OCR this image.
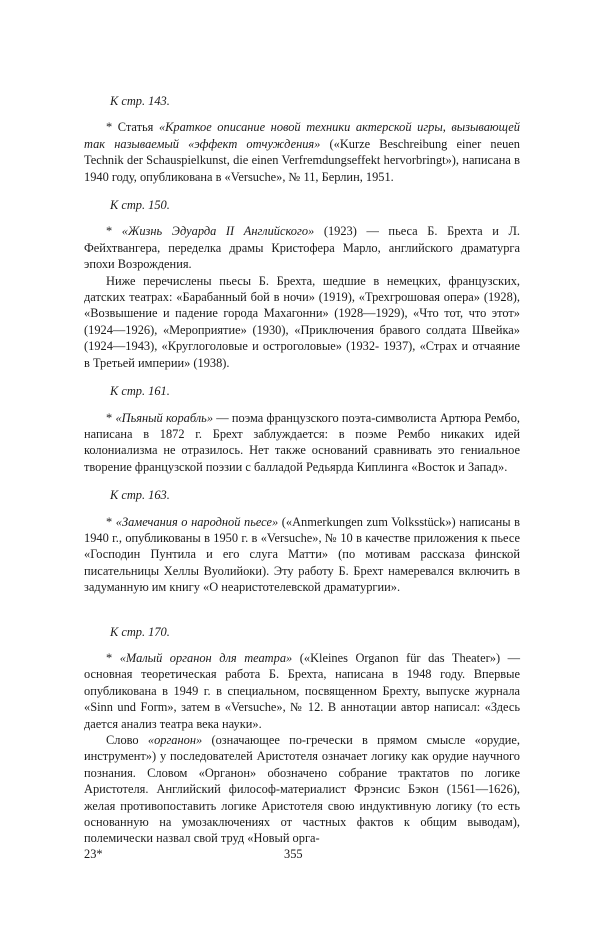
К стр. 143.

* Статья «Краткое описание новой техники актерской игры, вызывающей так называемый «эффект отчуждения» («Kurze Beschreibung einer neuen Technik der Schauspielkunst, die einen Verfremdungseffekt hervorbringt»), написана в 1940 году, опубликована в «Versuche», № 11, Берлин, 1951.

К стр. 150.

* «Жизнь Эдуарда II Английского» (1923) — пьеса Б. Брехта и Л. Фейхтвангера, переделка драмы Кристофера Марло, английского драматурга эпохи Возрождения.

Ниже перечислены пьесы Б. Брехта, шедшие в немецких, французских, датских театрах: «Барабанный бой в ночи» (1919), «Трехгрошовая опера» (1928), «Возвышение и падение города Махагонни» (1928—1929), «Что тот, что этот» (1924—1926), «Мероприятие» (1930), «Приключения бравого солдата Швейка» (1924—1943), «Круглоголовые и остроголовые» (1932- 1937), «Страх и отчаяние в Третьей империи» (1938).

К стр. 161.

* «Пьяный корабль» — поэма французского поэта-символиста Артюра Рембо, написана в 1872 г. Брехт заблуждается: в поэме Рембо никаких идей колониализма не отразилось. Нет также оснований сравнивать это гениальное творение французской поэзии с балладой Редьярда Киплинга «Восток и Запад».

К стр. 163.

* «Замечания о народной пьесе» («Anmerkungen zum Volksstück») написаны в 1940 г., опубликованы в 1950 г. в «Versuche», № 10 в качестве приложения к пьесе «Господин Пунтила и его слуга Матти» (по мотивам рассказа финской писательницы Хеллы Вуолийоки). Эту работу Б. Брехт намеревался включить в задуманную им книгу «О неаристотелевской драматургии».

К стр. 170.

* «Малый органон для театра» («Kleines Organon für das Theater») — основная теоретическая работа Б. Брехта, написана в 1948 году. Впервые опубликована в 1949 г. в специальном, посвященном Брехту, выпуске журнала «Sinn und Form», затем в «Versuche», № 12. В аннотации автор написал: «Здесь дается анализ театра века науки».

Слово «органон» (означающее по-гречески в прямом смысле «орудие, инструмент») у последователей Аристотеля означает логику как орудие научного познания. Словом «Органон» обозначено собрание трактатов по логике Аристотеля. Английский философ-материалист Фрэнсис Бэкон (1561—1626), желая противопоставить логике Аристотеля свою индуктивную логику (то есть основанную на умозаключениях от частных фактов к общим выводам), полемически назвал свой труд «Новый орга-

23*	355
